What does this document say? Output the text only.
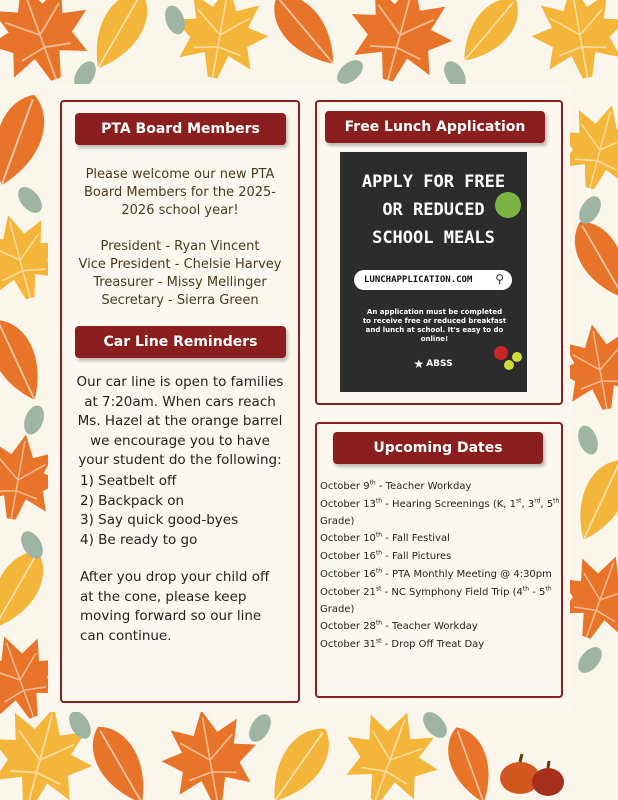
PTA Board Members
Please welcome our new PTA
Board Members for the 2025-
2026 school year!
President - Ryan Vincent
Vice President - Chelsie Harvey
Treasurer - Missy Mellinger
Secretary - Sierra Green
Car Line Reminders
Our car line is open to families
at 7:20am. When cars reach
Ms. Hazel at the orange barrel
we encourage you to have
your student do the following:
1) Seatbelt off
2) Backpack on
3) Say quick good-byes
4) Be ready to go
After you drop your child off
at the cone, please keep
moving forward so our line
can continue.
Free Lunch Application
APPLY FOR FREE
OR REDUCED
SCHOOL MEALS
LUNCHAPPLICATION.COM ⚲
An application must be completed to receive free or reduced breakfast and lunch at school. It's easy to do online!
★ ABSS
Upcoming Dates
October 9th - Teacher Workday
October 13th - Hearing Screenings (K, 1st, 3rd, 5th Grade)
October 10th - Fall Festival
October 16th - Fall Pictures
October 16th - PTA Monthly Meeting @ 4:30pm
October 21st - NC Symphony Field Trip (4th - 5th Grade)
October 28th - Teacher Workday
October 31st - Drop Off Treat Day
